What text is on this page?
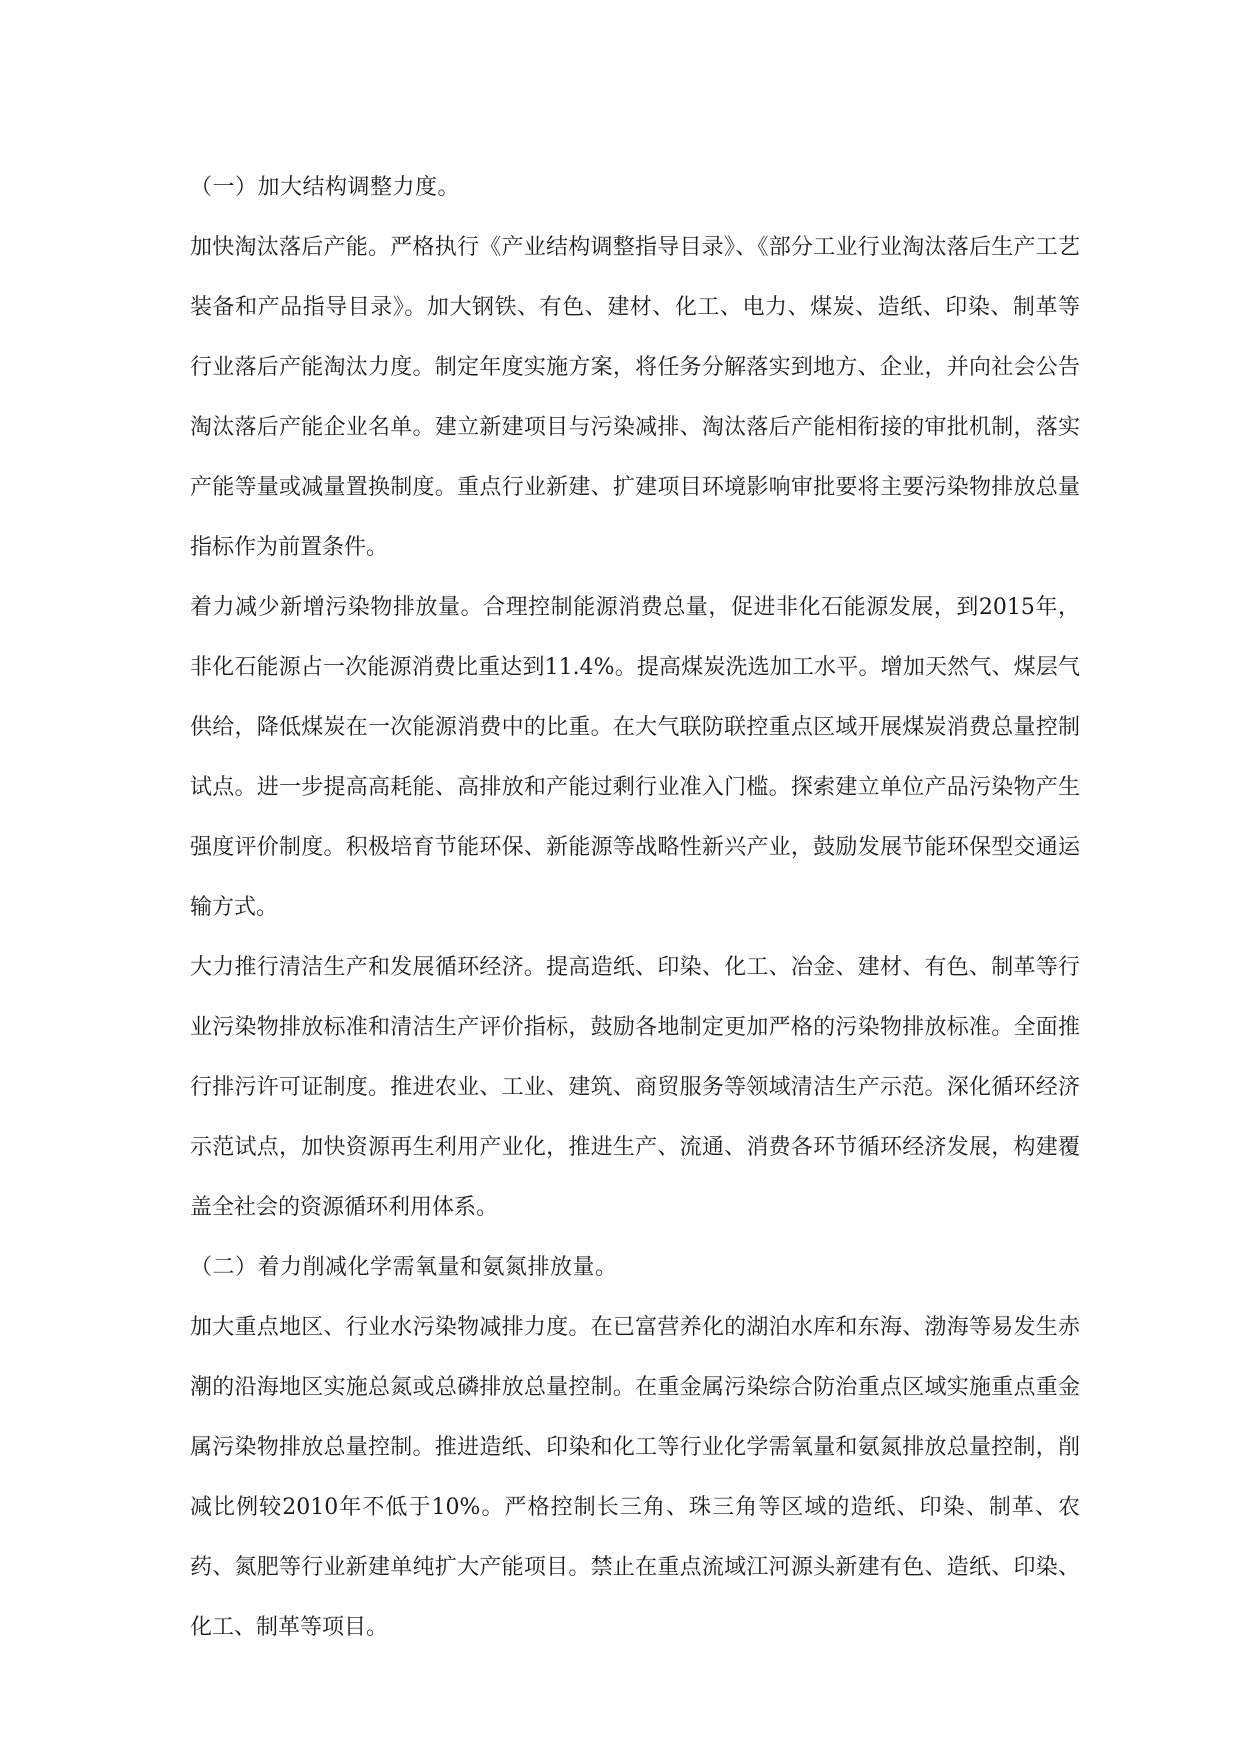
（一）加大结构调整力度。

加快淘汰落后产能。严格执行《产业结构调整指导目录》、《部分工业行业淘汰落后生产工艺装备和产品指导目录》。加大钢铁、有色、建材、化工、电力、煤炭、造纸、印染、制革等行业落后产能淘汰力度。制定年度实施方案，将任务分解落实到地方、企业，并向社会公告淘汰落后产能企业名单。建立新建项目与污染减排、淘汰落后产能相衔接的审批机制，落实产能等量或减量置换制度。重点行业新建、扩建项目环境影响审批要将主要污染物排放总量指标作为前置条件。

着力减少新增污染物排放量。合理控制能源消费总量，促进非化石能源发展，到2015年，非化石能源占一次能源消费比重达到11.4%。提高煤炭洗选加工水平。增加天然气、煤层气供给，降低煤炭在一次能源消费中的比重。在大气联防联控重点区域开展煤炭消费总量控制试点。进一步提高高耗能、高排放和产能过剩行业准入门槛。探索建立单位产品污染物产生强度评价制度。积极培育节能环保、新能源等战略性新兴产业，鼓励发展节能环保型交通运输方式。

大力推行清洁生产和发展循环经济。提高造纸、印染、化工、冶金、建材、有色、制革等行业污染物排放标准和清洁生产评价指标，鼓励各地制定更加严格的污染物排放标准。全面推行排污许可证制度。推进农业、工业、建筑、商贸服务等领域清洁生产示范。深化循环经济示范试点，加快资源再生利用产业化，推进生产、流通、消费各环节循环经济发展，构建覆盖全社会的资源循环利用体系。

（二）着力削减化学需氧量和氨氮排放量。

加大重点地区、行业水污染物减排力度。在已富营养化的湖泊水库和东海、渤海等易发生赤潮的沿海地区实施总氮或总磷排放总量控制。在重金属污染综合防治重点区域实施重点重金属污染物排放总量控制。推进造纸、印染和化工等行业化学需氧量和氨氮排放总量控制，削减比例较2010年不低于10%。严格控制长三角、珠三角等区域的造纸、印染、制革、农药、氮肥等行业新建单纯扩大产能项目。禁止在重点流域江河源头新建有色、造纸、印染、化工、制革等项目。
